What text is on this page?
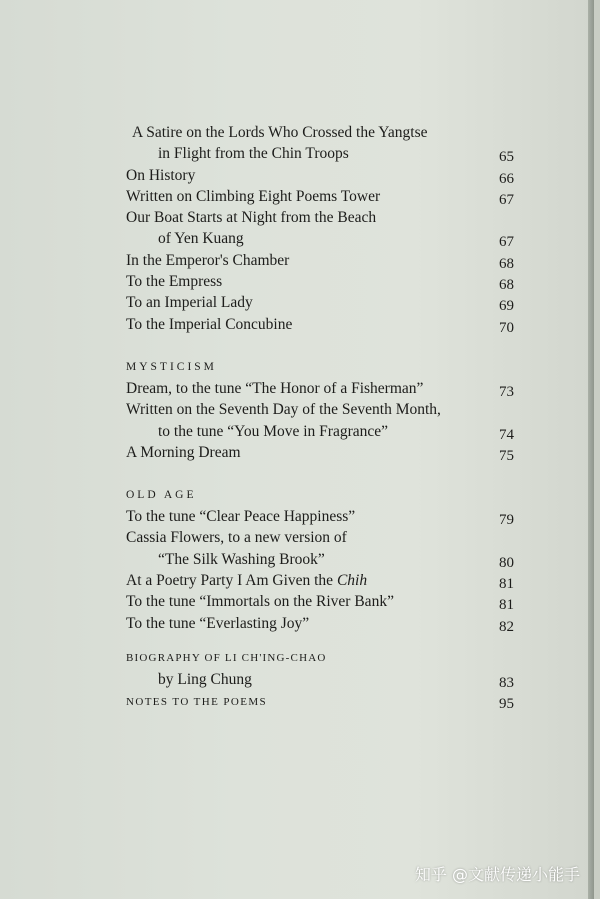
A Satire on the Lords Who Crossed the Yangtse
in Flight from the Chin Troops	65
On History	66
Written on Climbing Eight Poems Tower	67
Our Boat Starts at Night from the Beach
of Yen Kuang	67
In the Emperor's Chamber	68
To the Empress	68
To an Imperial Lady	69
To the Imperial Concubine	70
MYSTICISM
Dream, to the tune “The Honor of a Fisherman”	73
Written on the Seventh Day of the Seventh Month,
to the tune “You Move in Fragrance”	74
A Morning Dream	75
OLD AGE
To the tune “Clear Peace Happiness”	79
Cassia Flowers, to a new version of
“The Silk Washing Brook”	80
At a Poetry Party I Am Given the Chih	81
To the tune “Immortals on the River Bank”	81
To the tune “Everlasting Joy”	82
BIOGRAPHY OF LI CH'ING-CHAO
by Ling Chung	83
NOTES TO THE POEMS	95
知乎 @文献传递小能手
